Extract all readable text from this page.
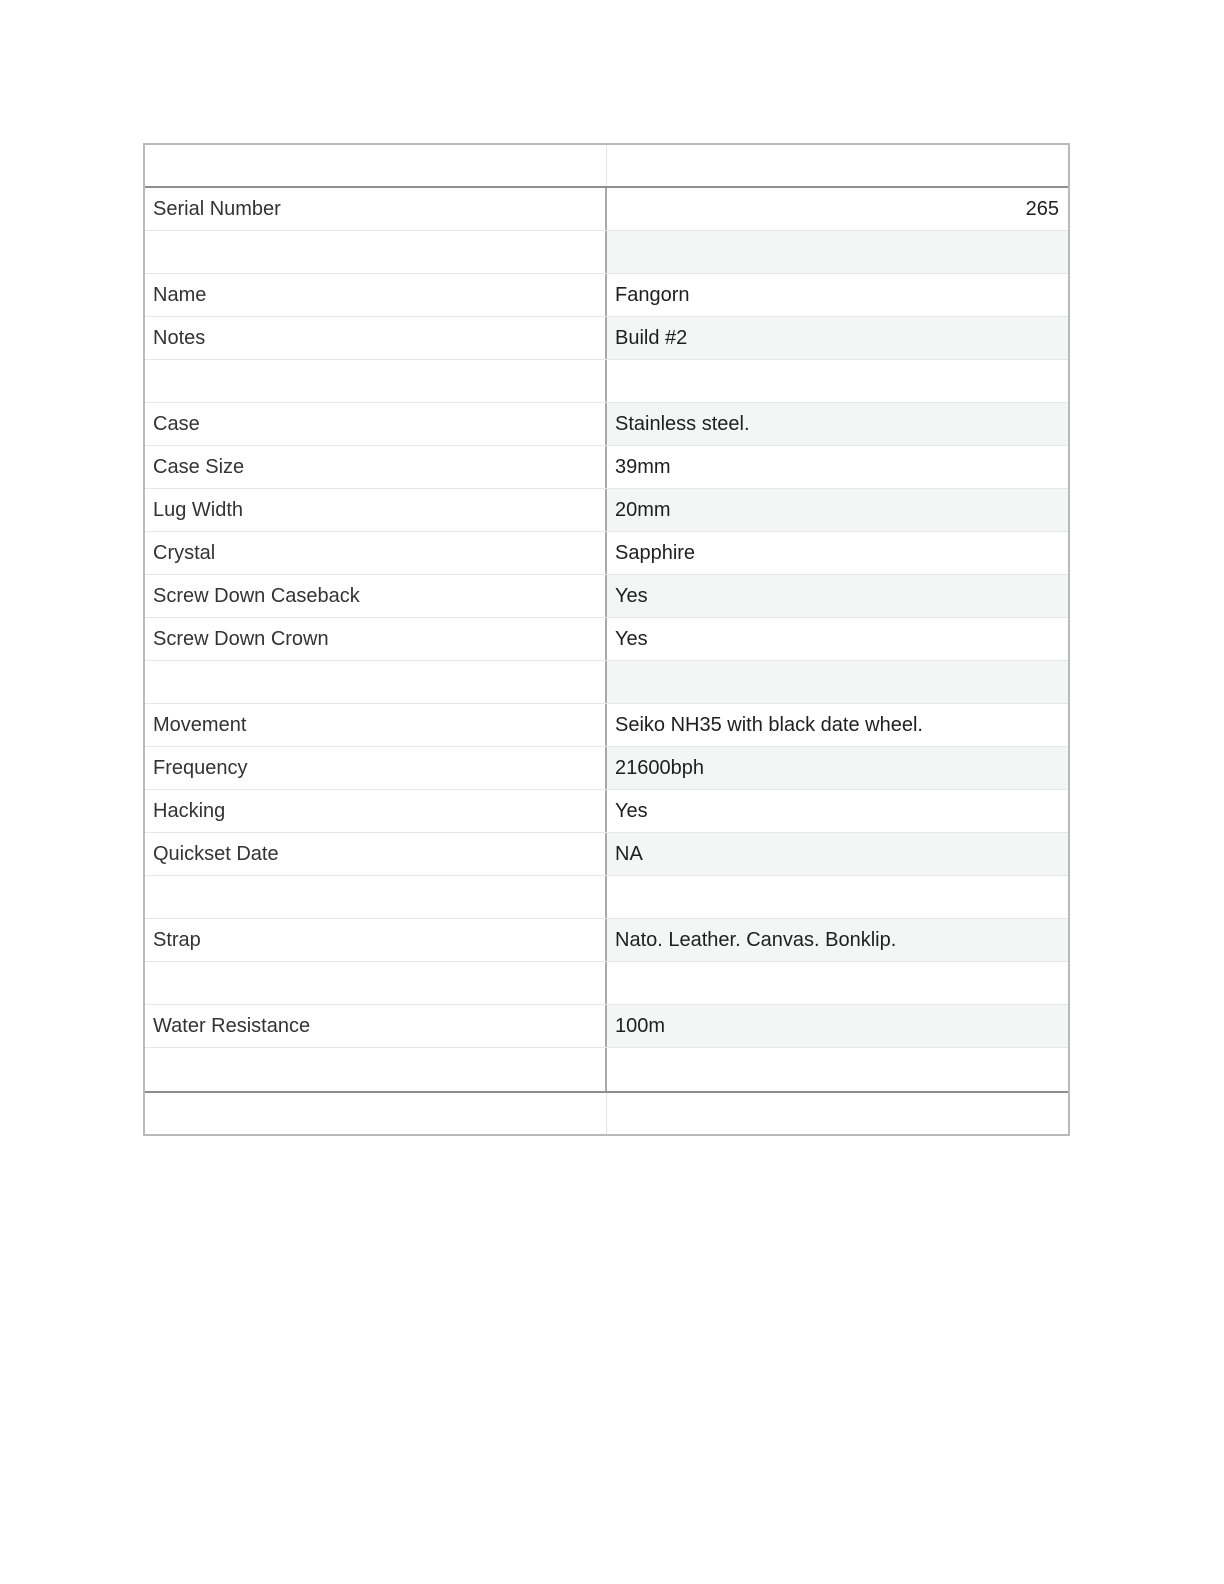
Serial Number	265
Name	Fangorn
Notes	Build #2
Case	Stainless steel.
Case Size	39mm
Lug Width	20mm
Crystal	Sapphire
Screw Down Caseback	Yes
Screw Down Crown	Yes
Movement	Seiko NH35 with black date wheel.
Frequency	21600bph
Hacking	Yes
Quickset Date	NA
Strap	Nato. Leather. Canvas. Bonklip.
Water Resistance	100m
